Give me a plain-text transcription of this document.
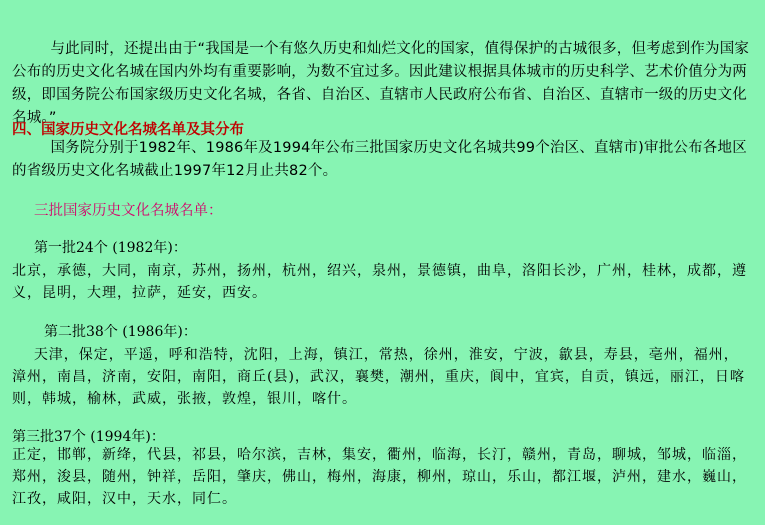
与此同时，还提出由于“我国是一个有悠久历史和灿烂文化的国家，值得保护的古城很多，但考虑到作为国家公布的历史文化名城在国内外均有重要影响，为数不宜过多。因此建议根据具体城市的历史科学、艺术价值分为两级，即国务院公布国家级历史文化名城，各省、自治区、直辖市人民政府公布省、自治区、直辖市一级的历史文化名城。”
四、国家历史文化名城名单及其分布
国务院分别于1982年、1986年及1994年公布三批国家历史文化名城共99个治区、直辖市)审批公布各地区的省级历史文化名城截止1997年12月止共82个。
三批国家历史文化名城名单：
第一批24个 (1982年)：
北京，承德，大同，南京，苏州，扬州，杭州，绍兴，泉州，景德镇，曲阜，洛阳长沙，广州，桂林，成都，遵义，昆明，大理，拉萨，延安，西安。
第二批38个 (1986年)：
天津，保定，平遥，呼和浩特，沈阳，上海，镇江，常热，徐州，淮安，宁波，歙县，寿县，亳州，福州，漳州，南昌，济南，安阳，南阳，商丘(县)，武汉，襄樊，潮州，重庆，阆中，宜宾，自贡，镇远，丽江，日喀则，韩城，榆林，武威，张掖，敦煌，银川，喀什。
第三批37个 (1994年)：
正定，邯郸，新绛，代县，祁县，哈尔滨，吉林，集安，衢州，临海，长汀，赣州，青岛，聊城，邹城，临淄，郑州，浚县，随州，钟祥，岳阳，肇庆，佛山，梅州，海康，柳州，琼山，乐山，都江堰，泸州，建水，巍山，江孜，咸阳，汉中，天水，同仁。
